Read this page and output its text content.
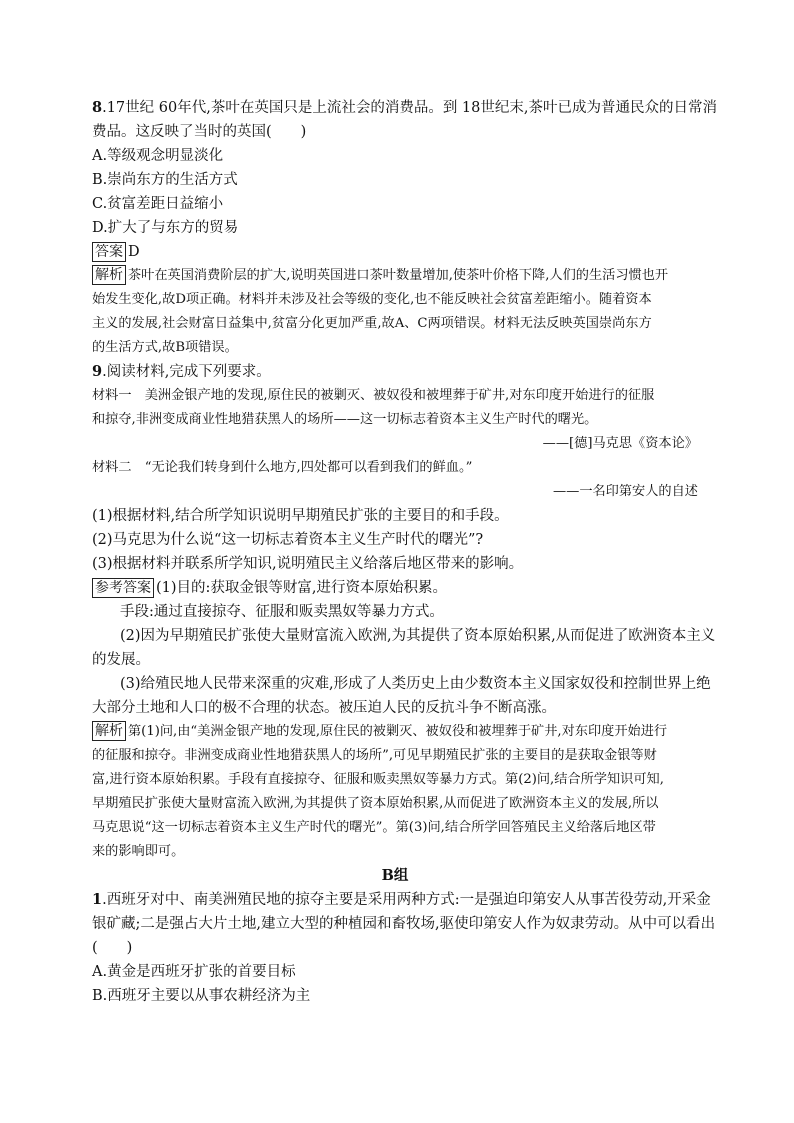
8.17世纪 60年代,茶叶在英国只是上流社会的消费品。到 18世纪末,茶叶已成为普通民众的日常消
费品。这反映了当时的英国(　　)
A.等级观念明显淡化
B.崇尚东方的生活方式
C.贫富差距日益缩小
D.扩大了与东方的贸易
答案 D
解析 茶叶在英国消费阶层的扩大,说明英国进口茶叶数量增加,使茶叶价格下降,人们的生活习惯也开
始发生变化,故D项正确。材料并未涉及社会等级的变化,也不能反映社会贫富差距缩小。随着资本
主义的发展,社会财富日益集中,贫富分化更加严重,故A、C两项错误。材料无法反映英国崇尚东方
的生活方式,故B项错误。
9.阅读材料,完成下列要求。
材料一　美洲金银产地的发现,原住民的被剿灭、被奴役和被埋葬于矿井,对东印度开始进行的征服
和掠夺,非洲变成商业性地猎获黑人的场所——这一切标志着资本主义生产时代的曙光。
——[德]马克思《资本论》
材料二　“无论我们转身到什么地方,四处都可以看到我们的鲜血。”
——一名印第安人的自述
(1)根据材料,结合所学知识说明早期殖民扩张的主要目的和手段。
(2)马克思为什么说“这一切标志着资本主义生产时代的曙光”?
(3)根据材料并联系所学知识,说明殖民主义给落后地区带来的影响。
参考答案 (1)目的:获取金银等财富,进行资本原始积累。
手段:通过直接掠夺、征服和贩卖黑奴等暴力方式。
(2)因为早期殖民扩张使大量财富流入欧洲,为其提供了资本原始积累,从而促进了欧洲资本主义
的发展。
(3)给殖民地人民带来深重的灾难,形成了人类历史上由少数资本主义国家奴役和控制世界上绝
大部分土地和人口的极不合理的状态。被压迫人民的反抗斗争不断高涨。
解析 第(1)问,由“美洲金银产地的发现,原住民的被剿灭、被奴役和被埋葬于矿井,对东印度开始进行
的征服和掠夺。非洲变成商业性地猎获黑人的场所”,可见早期殖民扩张的主要目的是获取金银等财
富,进行资本原始积累。手段有直接掠夺、征服和贩卖黑奴等暴力方式。第(2)问,结合所学知识可知,
早期殖民扩张使大量财富流入欧洲,为其提供了资本原始积累,从而促进了欧洲资本主义的发展,所以
马克思说“这一切标志着资本主义生产时代的曙光”。第(3)问,结合所学回答殖民主义给落后地区带
来的影响即可。
B组
1.西班牙对中、南美洲殖民地的掠夺主要是采用两种方式:一是强迫印第安人从事苦役劳动,开采金
银矿藏;二是强占大片土地,建立大型的种植园和畜牧场,驱使印第安人作为奴隶劳动。从中可以看出
(　　)
A.黄金是西班牙扩张的首要目标
B.西班牙主要以从事农耕经济为主
